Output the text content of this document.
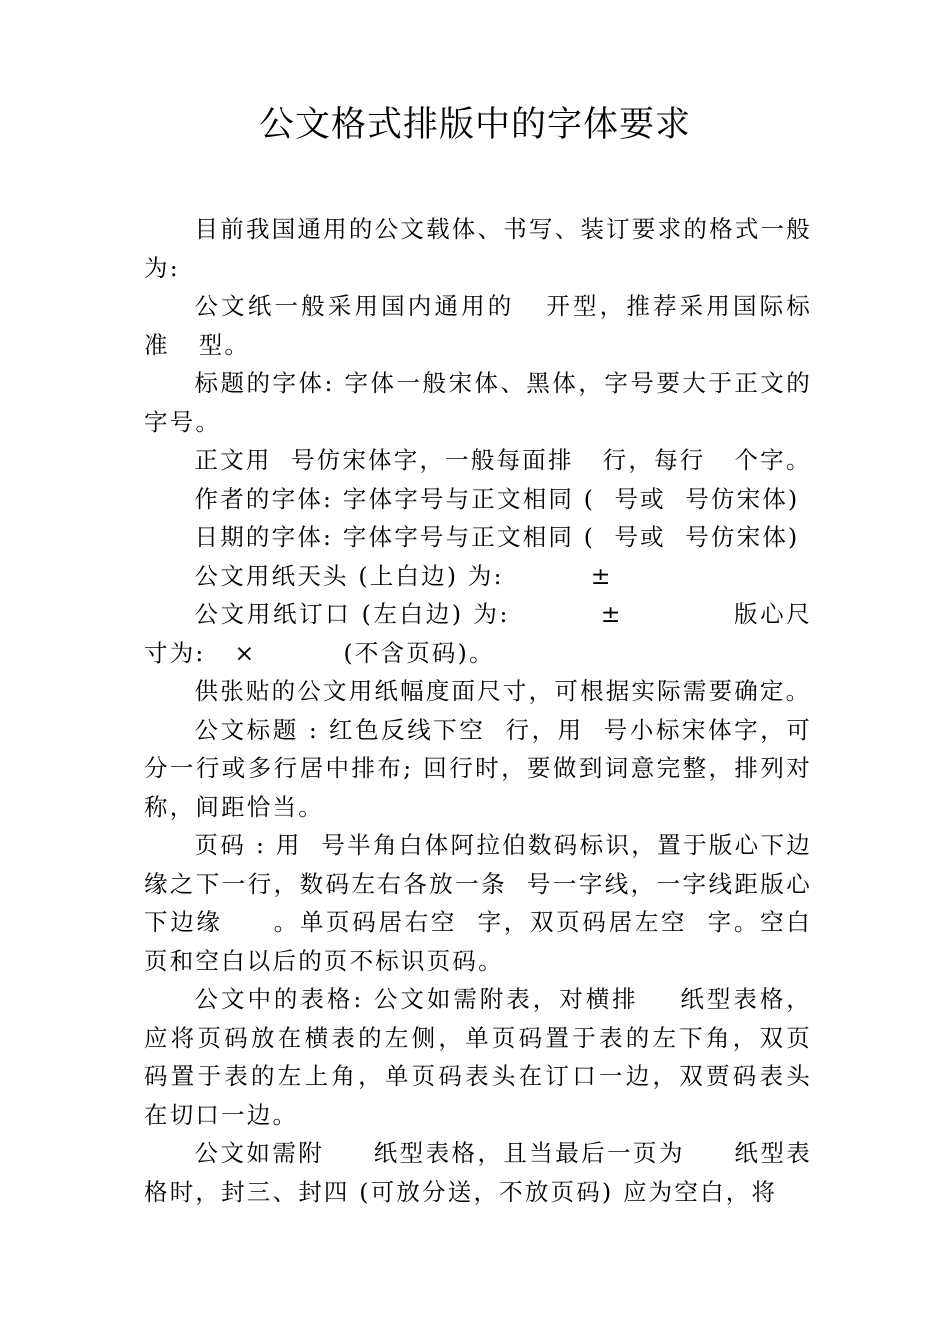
公文格式排版中的字体要求

目前我国通用的公文载体、书写、装订要求的格式一般为:

公文纸一般采用国内通用的   开型，推荐采用国际标准   型。

标题的字体: 字体一般宋体、黑体，字号要大于正文的字号。

正文用  号仿宋体字，一般每面排   行，每行   个字。

作者的字体: 字体字号与正文相同 (  号或  号仿宋体)

日期的字体: 字体字号与正文相同 (  号或  号仿宋体)

公文用纸天头 (上白边) 为:         ±

公文用纸订口 (左白边) 为:         ±           版心尺寸为:   ×         (不含页码)。

供张贴的公文用纸幅度面尺寸，可根据实际需要确定。

公文标题 : 红色反线下空  行，用  号小标宋体字，可分一行或多行居中排布; 回行时，要做到词意完整，排列对称，间距恰当。

页码 : 用  号半角白体阿拉伯数码标识，置于版心下边缘之下一行，数码左右各放一条  号一字线，一字线距版心下边缘     。单页码居右空  字，双页码居左空  字。空白页和空白以后的页不标识页码。

公文中的表格: 公文如需附表，对横排    纸型表格，应将页码放在横表的左侧，单页码置于表的左下角，双页码置于表的左上角，单页码表头在订口一边，双贾码表头在切口一边。

公文如需附     纸型表格，且当最后一页为     纸型表格时，封三、封四 (可放分送，不放页码) 应为空白，将
